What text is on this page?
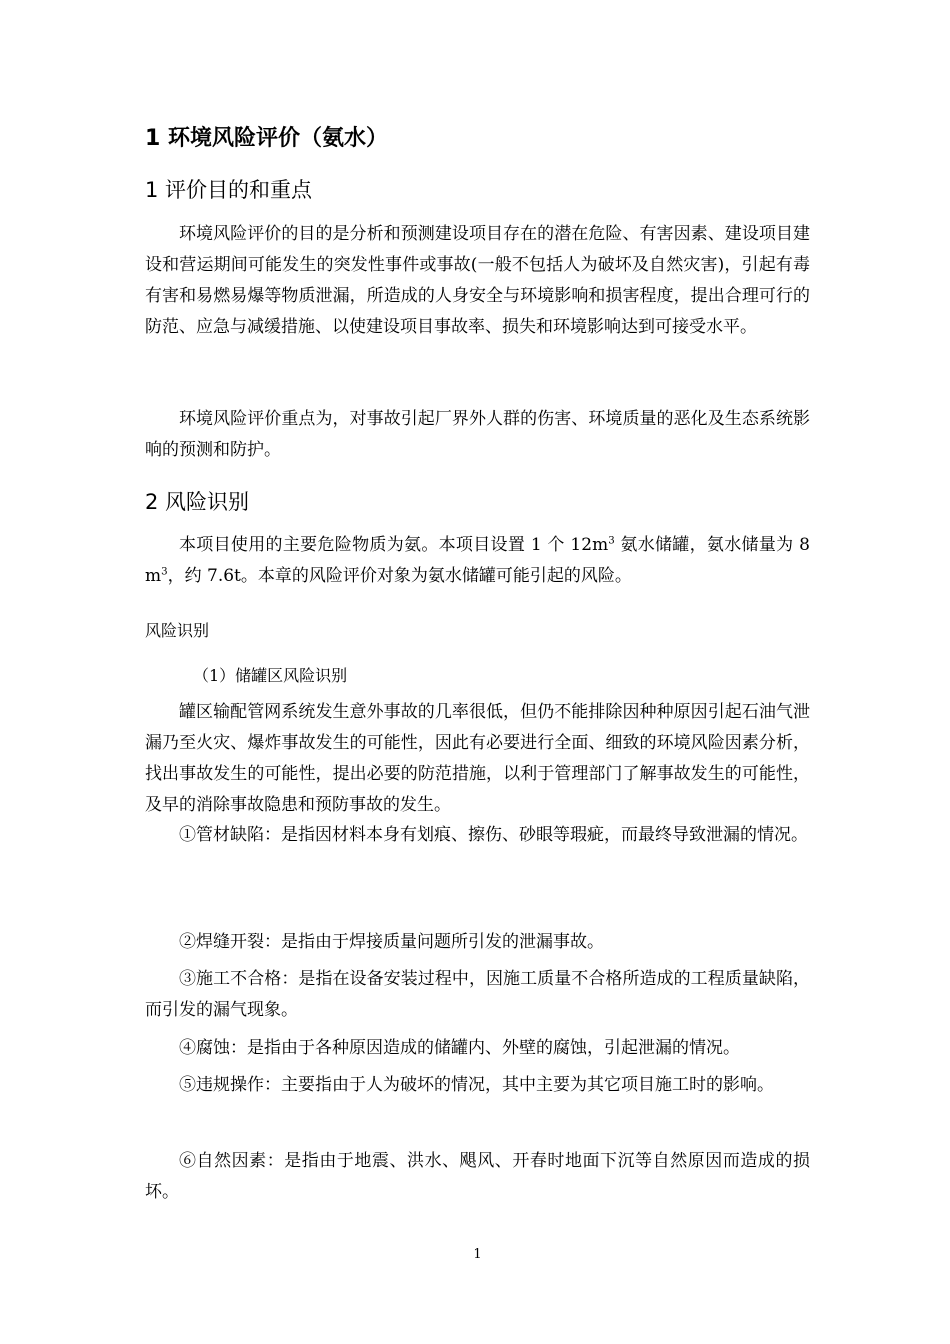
1 环境风险评价（氨水）
1 评价目的和重点

环境风险评价的目的是分析和预测建设项目存在的潜在危险、有害因素、建设项目建设和营运期间可能发生的突发性事件或事故(一般不包括人为破坏及自然灾害)，引起有毒有害和易燃易爆等物质泄漏，所造成的人身安全与环境影响和损害程度，提出合理可行的防范、应急与减缓措施、以使建设项目事故率、损失和环境影响达到可接受水平。

环境风险评价重点为，对事故引起厂界外人群的伤害、环境质量的恶化及生态系统影响的预测和防护。

2 风险识别

本项目使用的主要危险物质为氨。本项目设置 1 个 $12m^3$ 氨水储罐，氨水储量为 8 $m^3$，约 7.6t。本章的风险评价对象为氨水储罐可能引起的风险。

风险识别

（1）储罐区风险识别

罐区输配管网系统发生意外事故的几率很低，但仍不能排除因种种原因引起石油气泄漏乃至火灾、爆炸事故发生的可能性，因此有必要进行全面、细致的环境风险因素分析，找出事故发生的可能性，提出必要的防范措施，以利于管理部门了解事故发生的可能性，及早的消除事故隐患和预防事故的发生。

①管材缺陷：是指因材料本身有划痕、擦伤、砂眼等瑕疵，而最终导致泄漏的情况。

②焊缝开裂：是指由于焊接质量问题所引发的泄漏事故。

③施工不合格：是指在设备安装过程中，因施工质量不合格所造成的工程质量缺陷，而引发的漏气现象。

④腐蚀：是指由于各种原因造成的储罐内、外壁的腐蚀，引起泄漏的情况。

⑤违规操作：主要指由于人为破坏的情况，其中主要为其它项目施工时的影响。

⑥自然因素：是指由于地震、洪水、飓风、开春时地面下沉等自然原因而造成的损坏。

1
